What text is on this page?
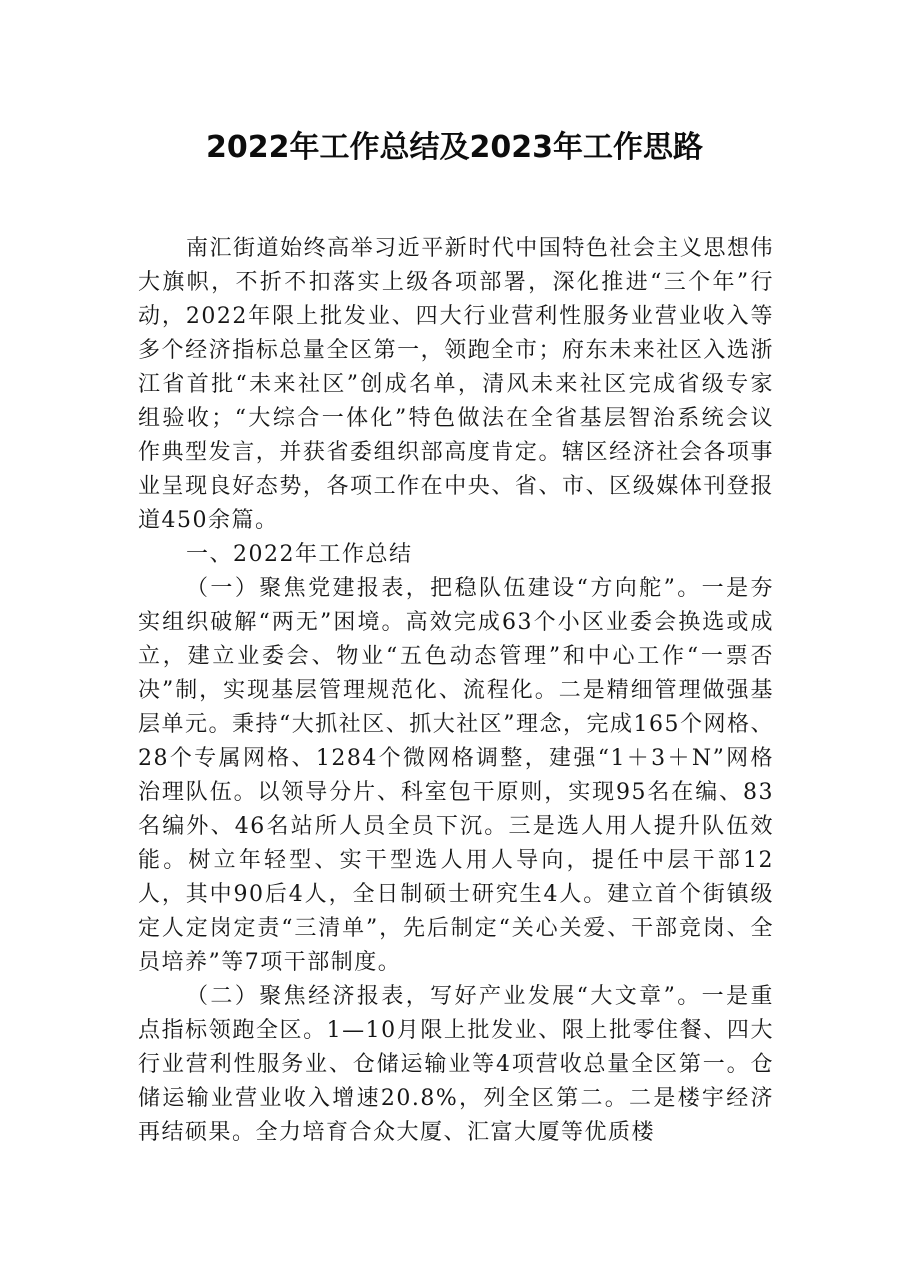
2022年工作总结及2023年工作思路

南汇街道始终高举习近平新时代中国特色社会主义思想伟大旗帜，不折不扣落实上级各项部署，深化推进“三个年”行动，2022年限上批发业、四大行业营利性服务业营业收入等多个经济指标总量全区第一，领跑全市；府东未来社区入选浙江省首批“未来社区”创成名单，清风未来社区完成省级专家组验收；“大综合一体化”特色做法在全省基层智治系统会议作典型发言，并获省委组织部高度肯定。辖区经济社会各项事业呈现良好态势，各项工作在中央、省、市、区级媒体刊登报道450余篇。

一、2022年工作总结

（一）聚焦党建报表，把稳队伍建设“方向舵”。一是夯实组织破解“两无”困境。高效完成63个小区业委会换选或成立，建立业委会、物业“五色动态管理”和中心工作“一票否决”制，实现基层管理规范化、流程化。二是精细管理做强基层单元。秉持“大抓社区、抓大社区”理念，完成165个网格、28个专属网格、1284个微网格调整，建强“1＋3＋N”网格治理队伍。以领导分片、科室包干原则，实现95名在编、83名编外、46名站所人员全员下沉。三是选人用人提升队伍效能。树立年轻型、实干型选人用人导向，提任中层干部12人，其中90后4人，全日制硕士研究生4人。建立首个街镇级定人定岗定责“三清单”，先后制定“关心关爱、干部竞岗、全员培养”等7项干部制度。

（二）聚焦经济报表，写好产业发展“大文章”。一是重点指标领跑全区。1—10月限上批发业、限上批零住餐、四大行业营利性服务业、仓储运输业等4项营收总量全区第一。仓储运输业营业收入增速20.8%，列全区第二。二是楼宇经济再结硕果。全力培育合众大厦、汇富大厦等优质楼
